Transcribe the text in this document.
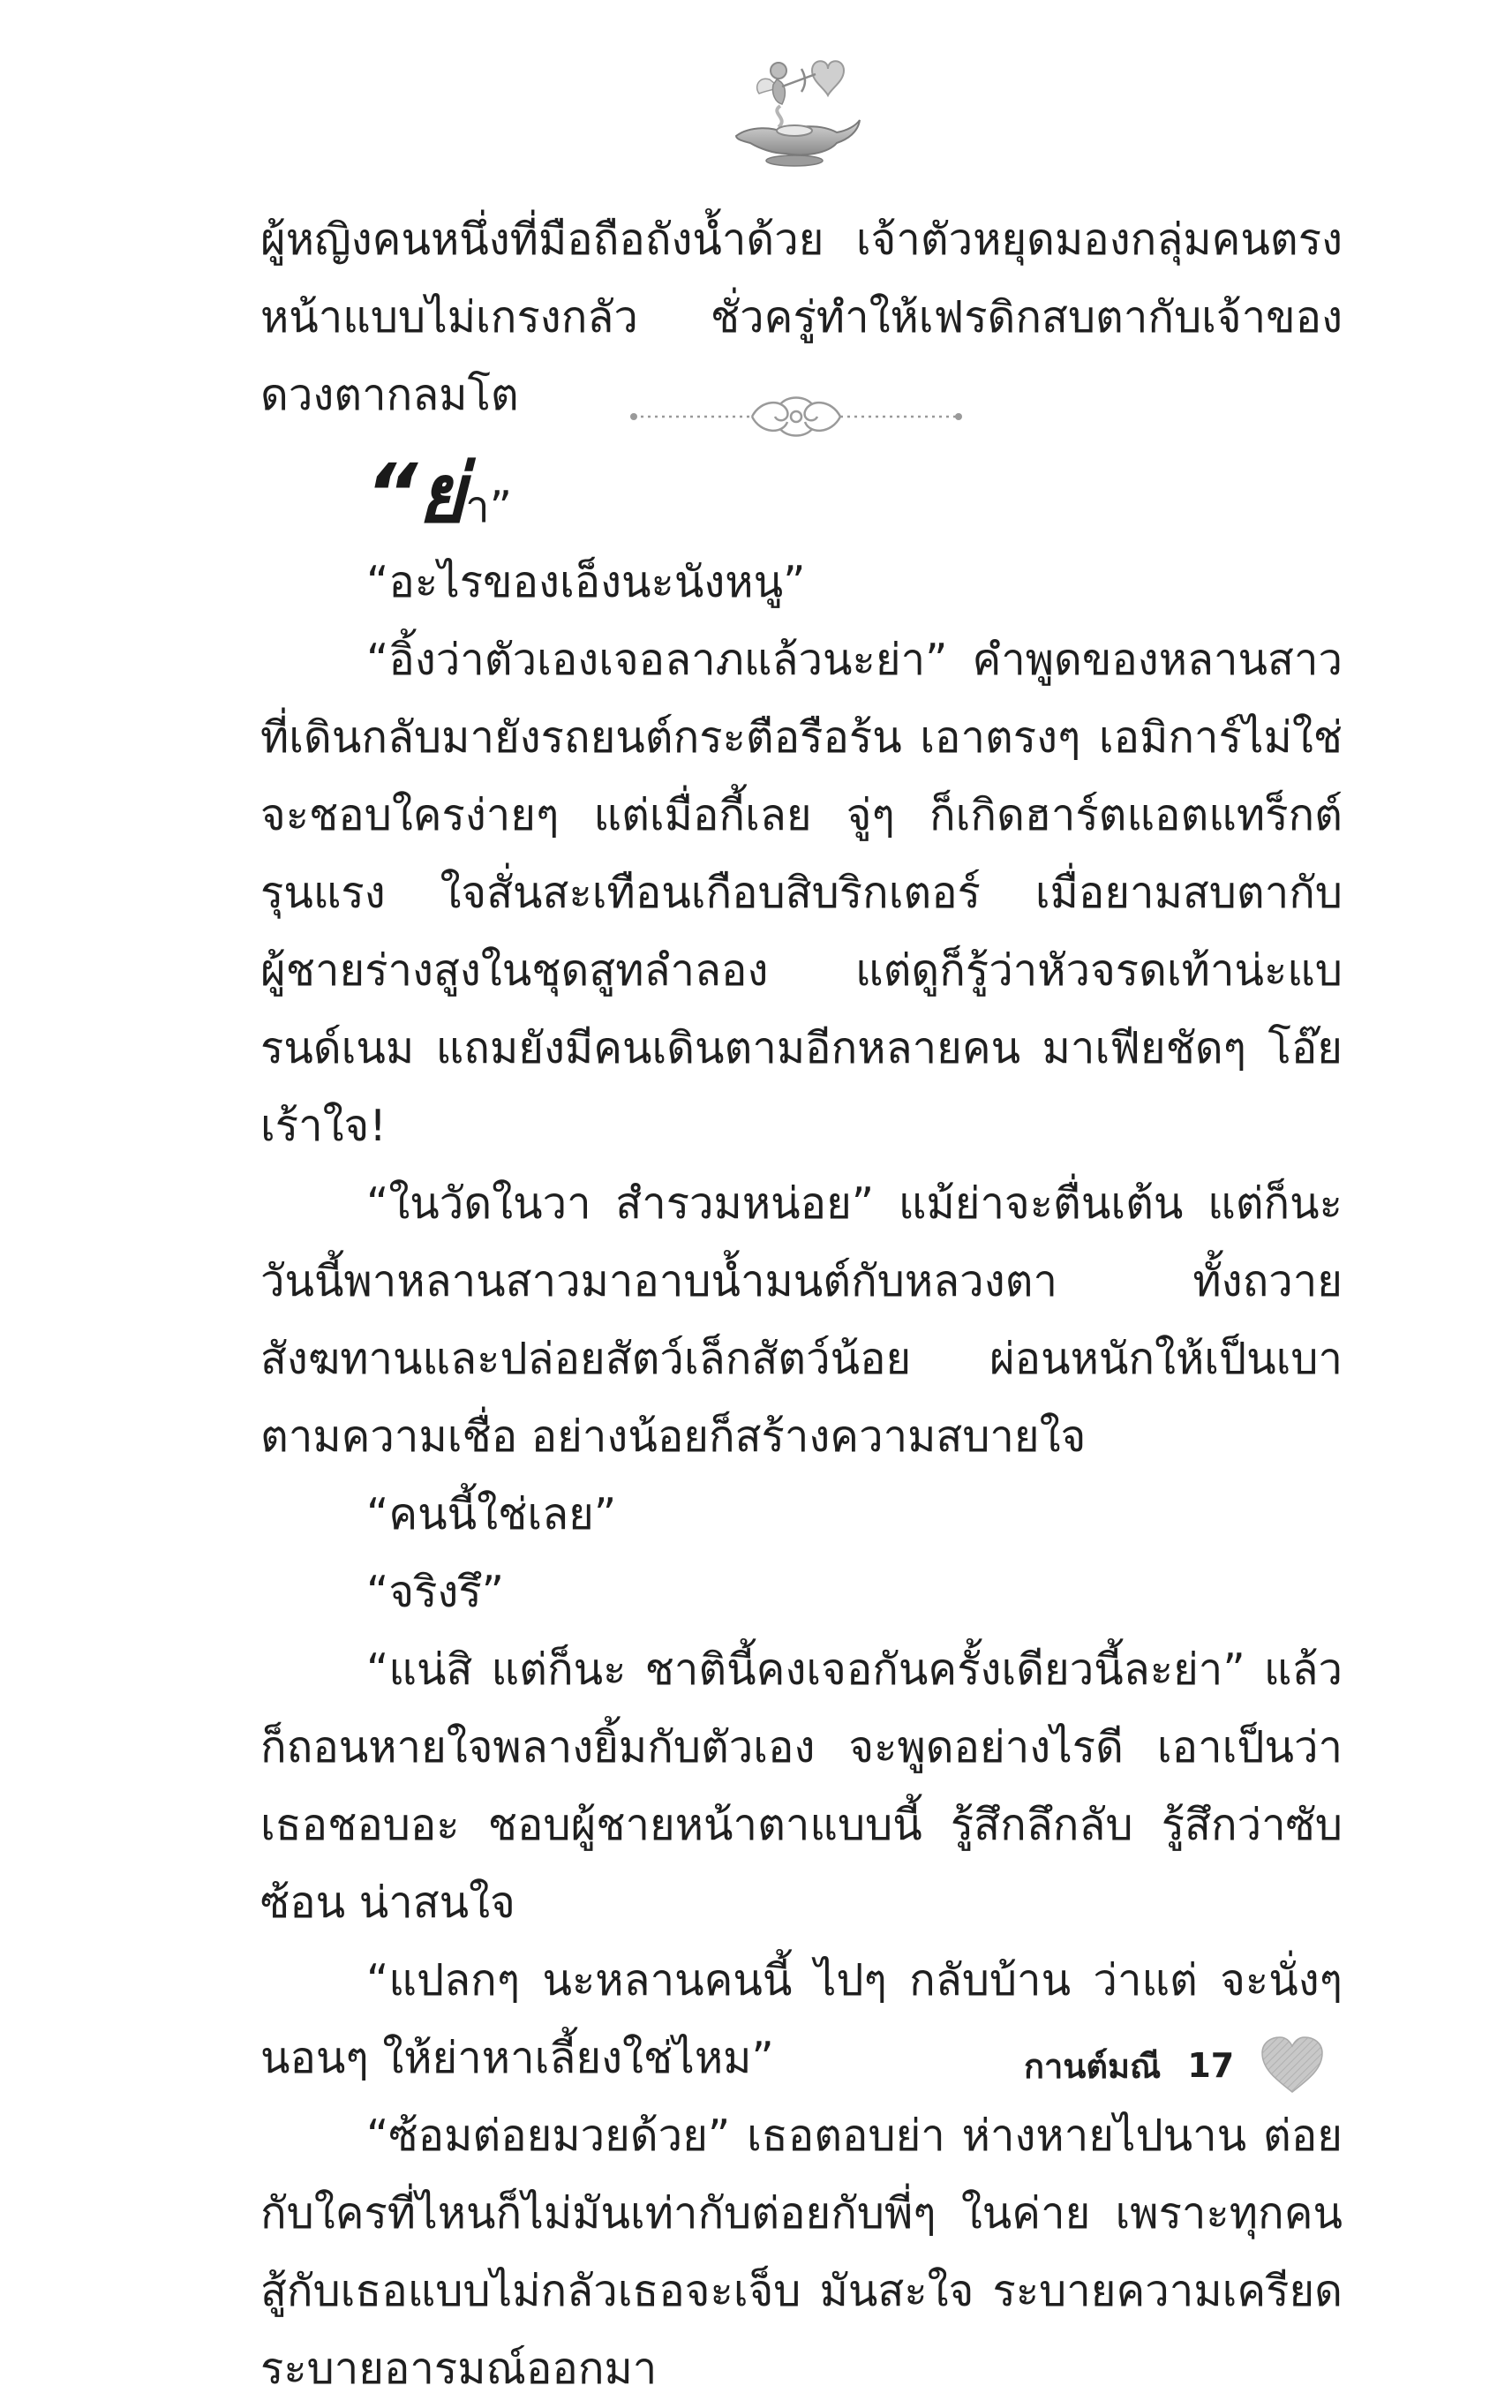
ผู้หญิงคนหนึ่งที่มือถือถังน้ำด้วย เจ้าตัวหยุดมองกลุ่มคนตรงหน้าแบบไม่เกรงกลัว ชั่วครู่ทำให้เฟรดิกสบตากับเจ้าของดวงตากลมโต

“ย่า”

“อะไรของเอ็งนะนังหนู”

“อิ้งว่าตัวเองเจอลาภแล้วนะย่า” คำพูดของหลานสาวที่เดินกลับมายังรถยนต์กระตือรือร้น เอาตรงๆ เอมิการ์ไม่ใช่จะชอบใครง่ายๆ แต่เมื่อกี้เลย จู่ๆ ก็เกิดฮาร์ตแอตแทร็กต์รุนแรง ใจสั่นสะเทือนเกือบสิบริกเตอร์ เมื่อยามสบตากับผู้ชายร่างสูงในชุดสูทลำลอง แต่ดูก็รู้ว่าหัวจรดเท้าน่ะแบรนด์เนม แถมยังมีคนเดินตามอีกหลายคน มาเฟียชัดๆ โอ๊ย เร้าใจ!

“ในวัดในวา สำรวมหน่อย” แม้ย่าจะตื่นเต้น แต่ก็นะ วันนี้พาหลานสาวมาอาบน้ำมนต์กับหลวงตา ทั้งถวายสังฆทานและปล่อยสัตว์เล็กสัตว์น้อย ผ่อนหนักให้เป็นเบา ตามความเชื่อ อย่างน้อยก็สร้างความสบายใจ

“คนนี้ใช่เลย”

“จริงรึ”

“แน่สิ แต่ก็นะ ชาตินี้คงเจอกันครั้งเดียวนี้ละย่า” แล้วก็ถอนหายใจพลางยิ้มกับตัวเอง จะพูดอย่างไรดี เอาเป็นว่าเธอชอบอะ ชอบผู้ชายหน้าตาแบบนี้ รู้สึกลึกลับ รู้สึกว่าซับซ้อน น่าสนใจ

“แปลกๆ นะหลานคนนี้ ไปๆ กลับบ้าน ว่าแต่ จะนั่งๆ นอนๆ ให้ย่าหาเลี้ยงใช่ไหม”

“ซ้อมต่อยมวยด้วย” เธอตอบย่า ห่างหายไปนาน ต่อยกับใครที่ไหนก็ไม่มันเท่ากับต่อยกับพี่ๆ ในค่าย เพราะทุกคนสู้กับเธอแบบไม่กลัวเธอจะเจ็บ มันสะใจ ระบายความเครียดระบายอารมณ์ออกมา

กานต์มณี 17
